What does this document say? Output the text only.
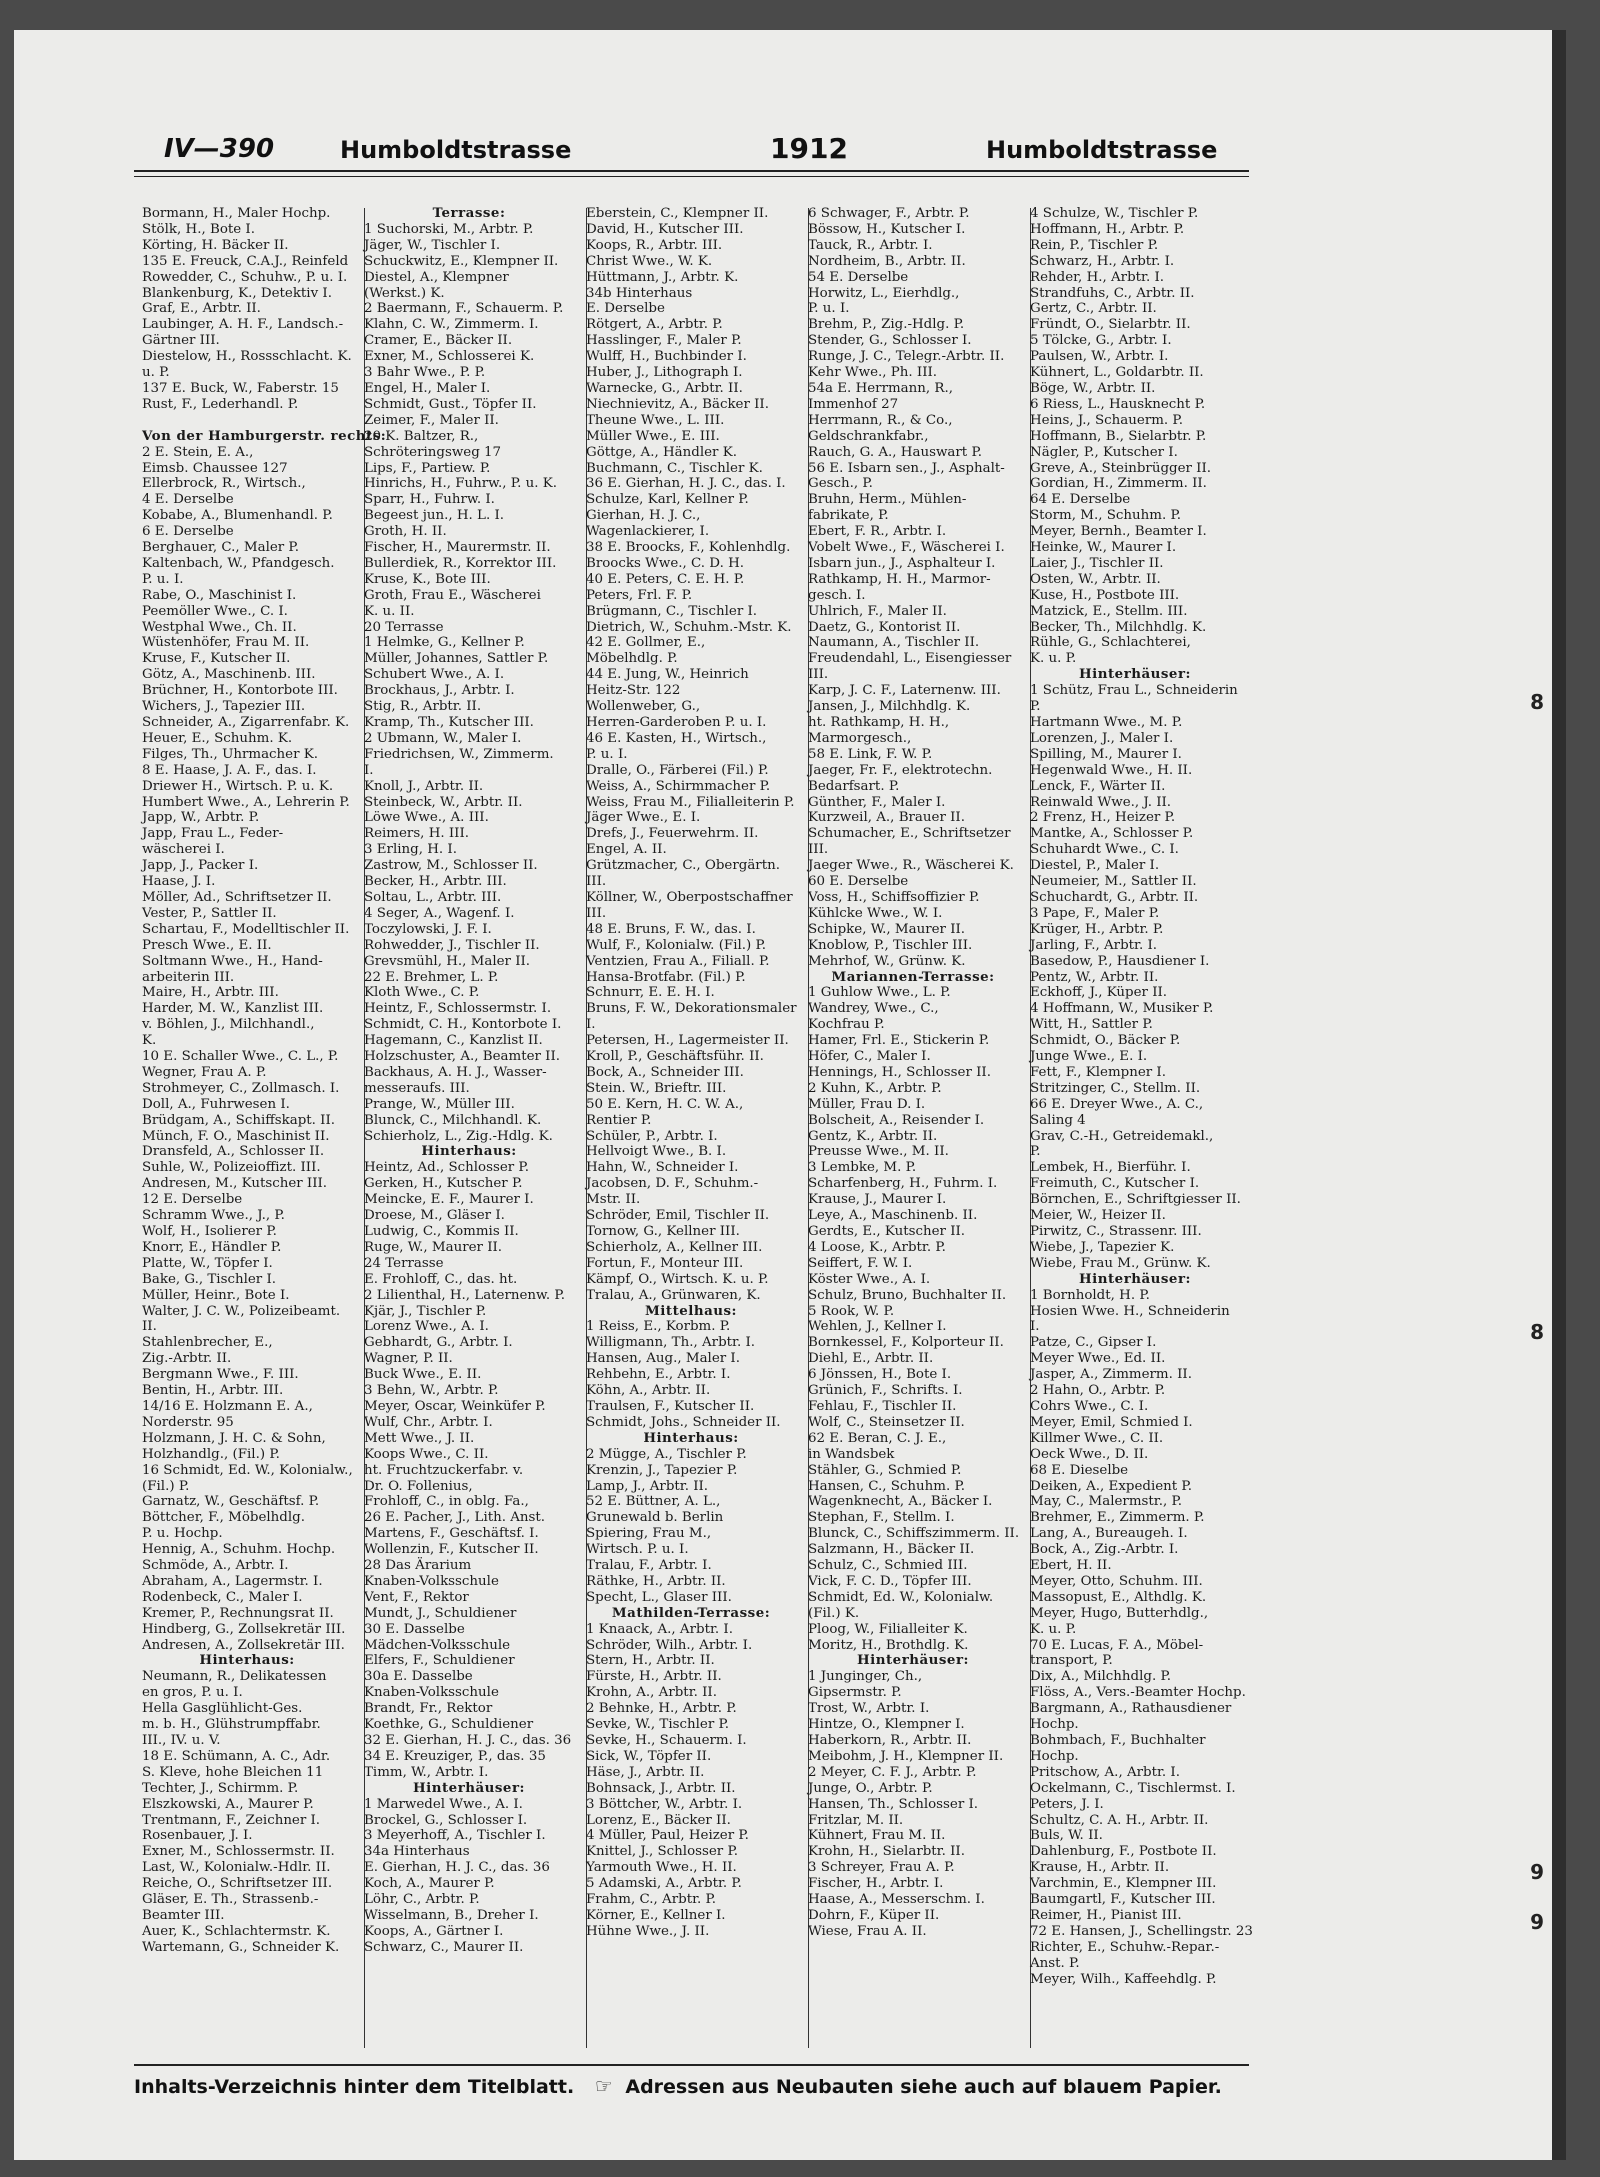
IV—390	Humboldtstrasse	1912	Humboldtstrasse
Bormann, H., Maler Hochp.
Stölk, H., Bote I.
Körting, H. Bäcker II.
135 E. Freuck, C.A.J., Reinfeld
Rowedder, C., Schuhw., P. u. I.
Blankenburg, K., Detektiv I.
Graf, E., Arbtr. II.
Laubinger, A. H. F., Landsch.-
Gärtner III.
Diestelow, H., Rossschlacht. K.
u. P.
137 E. Buck, W., Faberstr. 15
Rust, F., Lederhandl. P.

Von der Hamburgerstr. rechts:
2 E. Stein, E. A.,
Eimsb. Chaussee 127
Ellerbrock, R., Wirtsch.,
4 E. Derselbe
Kobabe, A., Blumenhandl. P.
6 E. Derselbe
Berghauer, C., Maler P.
Kaltenbach, W., Pfandgesch.
P. u. I.
Rabe, O., Maschinist I.
Peemöller Wwe., C. I.
Westphal Wwe., Ch. II.
Wüstenhöfer, Frau M. II.
Kruse, F., Kutscher II.
Götz, A., Maschinenb. III.
Brüchner, H., Kontorbote III.
Wichers, J., Tapezier III.
Schneider, A., Zigarrenfabr. K.
Heuer, E., Schuhm. K.
Filges, Th., Uhrmacher K.
8 E. Haase, J. A. F., das. I.
Driewer H., Wirtsch. P. u. K.
Humbert Wwe., A., Lehrerin P.
Japp, W., Arbtr. P.
Japp, Frau L., Feder-
wäscherei I.
Japp, J., Packer I.
Haase, J. I.
Möller, Ad., Schriftsetzer II.
Vester, P., Sattler II.
Schartau, F., Modelltischler II.
Presch Wwe., E. II.
Soltmann Wwe., H., Hand-
arbeiterin III.
Maire, H., Arbtr. III.
Harder, M. W., Kanzlist III.
v. Böhlen, J., Milchhandl.,
K.
10 E. Schaller Wwe., C. L., P.
Wegner, Frau A. P.
Strohmeyer, C., Zollmasch. I.
Doll, A., Fuhrwesen I.
Brüdgam, A., Schiffskapt. II.
Münch, F. O., Maschinist II.
Dransfeld, A., Schlosser II.
Suhle, W., Polizeioffizt. III.
Andresen, M., Kutscher III.
12 E. Derselbe
Schramm Wwe., J., P.
Wolf, H., Isolierer P.
Knorr, E., Händler P.
Platte, W., Töpfer I.
Bake, G., Tischler I.
Müller, Heinr., Bote I.
Walter, J. C. W., Polizeibeamt.
II.
Stahlenbrecher, E.,
Zig.-Arbtr. II.
Bergmann Wwe., F. III.
Bentin, H., Arbtr. III.
14/16 E. Holzmann E. A.,
Norderstr. 95
Holzmann, J. H. C. & Sohn,
Holzhandlg., (Fil.) P.
16 Schmidt, Ed. W., Kolonialw.,
(Fil.) P.
Garnatz, W., Geschäftsf. P.
Böttcher, F., Möbelhdlg.
P. u. Hochp.
Hennig, A., Schuhm. Hochp.
Schmöde, A., Arbtr. I.
Abraham, A., Lagermstr. I.
Rodenbeck, C., Maler I.
Kremer, P., Rechnungsrat II.
Hindberg, G., Zollsekretär III.
Andresen, A., Zollsekretär III.
Hinterhaus:
Neumann, R., Delikatessen
en gros, P. u. I.
Hella Gasglühlicht-Ges.
m. b. H., Glühstrumpffabr.
III., IV. u. V.
18 E. Schümann, A. C., Adr.
S. Kleve, hohe Bleichen 11
Techter, J., Schirmm. P.
Elszkowski, A., Maurer P.
Trentmann, F., Zeichner I.
Rosenbauer, J. I.
Exner, M., Schlossermstr. II.
Last, W., Kolonialw.-Hdlr. II.
Reiche, O., Schriftsetzer III.
Gläser, E. Th., Strassenb.-
Beamter III.
Auer, K., Schlachtermstr. K.
Wartemann, G., Schneider K.
Terrasse:
1 Suchorski, M., Arbtr. P.
Jäger, W., Tischler I.
Schuckwitz, E., Klempner II.
Diestel, A., Klempner
(Werkst.) K.
2 Baermann, F., Schauerm. P.
Klahn, C. W., Zimmerm. I.
Cramer, E., Bäcker II.
Exner, M., Schlosserei K.
3 Bahr Wwe., P. P.
Engel, H., Maler I.
Schmidt, Gust., Töpfer II.
Zeimer, F., Maler II.
20 K. Baltzer, R.,
Schröteringsweg 17
Lips, F., Partiew. P.
Hinrichs, H., Fuhrw., P. u. K.
Sparr, H., Fuhrw. I.
Begeest jun., H. L. I.
Groth, H. II.
Fischer, H., Maurermstr. II.
Bullerdiek, R., Korrektor III.
Kruse, K., Bote III.
Groth, Frau E., Wäscherei
K. u. II.
20 Terrasse
1 Helmke, G., Kellner P.
Müller, Johannes, Sattler P.
Schubert Wwe., A. I.
Brockhaus, J., Arbtr. I.
Stig, R., Arbtr. II.
Kramp, Th., Kutscher III.
2 Ubmann, W., Maler I.
Friedrichsen, W., Zimmerm.
I.
Knoll, J., Arbtr. II.
Steinbeck, W., Arbtr. II.
Löwe Wwe., A. III.
Reimers, H. III.
3 Erling, H. I.
Zastrow, M., Schlosser II.
Becker, H., Arbtr. III.
Soltau, L., Arbtr. III.
4 Seger, A., Wagenf. I.
Toczylowski, J. F. I.
Rohwedder, J., Tischler II.
Grevsmühl, H., Maler II.
22 E. Brehmer, L. P.
Kloth Wwe., C. P.
Heintz, F., Schlossermstr. I.
Schmidt, C. H., Kontorbote I.
Hagemann, C., Kanzlist II.
Holzschuster, A., Beamter II.
Backhaus, A. H. J., Wasser-
messeraufs. III.
Prange, W., Müller III.
Blunck, C., Milchhandl. K.
Schierholz, L., Zig.-Hdlg. K.
Hinterhaus:
Heintz, Ad., Schlosser P.
Gerken, H., Kutscher P.
Meincke, E. F., Maurer I.
Droese, M., Gläser I.
Ludwig, C., Kommis II.
Ruge, W., Maurer II.
24 Terrasse
E. Frohloff, C., das. ht.
2 Lilienthal, H., Laternenw. P.
Kjär, J., Tischler P.
Lorenz Wwe., A. I.
Gebhardt, G., Arbtr. I.
Wagner, P. II.
Buck Wwe., E. II.
3 Behn, W., Arbtr. P.
Meyer, Oscar, Weinküfer P.
Wulf, Chr., Arbtr. I.
Mett Wwe., J. II.
Koops Wwe., C. II.
ht. Fruchtzuckerfabr. v.
Dr. O. Follenius,
Frohloff, C., in oblg. Fa.,
26 E. Pacher, J., Lith. Anst.
Martens, F., Geschäftsf. I.
Wollenzin, F., Kutscher II.
28 Das Ärarium
Knaben-Volksschule
Vent, F., Rektor
Mundt, J., Schuldiener
30 E. Dasselbe
Mädchen-Volksschule
Elfers, F., Schuldiener
30a E. Dasselbe
Knaben-Volksschule
Brandt, Fr., Rektor
Koethke, G., Schuldiener
32 E. Gierhan, H. J. C., das. 36
34 E. Kreuziger, P., das. 35
Timm, W., Arbtr. I.
Hinterhäuser:
1 Marwedel Wwe., A. I.
Brockel, G., Schlosser I.
3 Meyerhoff, A., Tischler I.
34a Hinterhaus
E. Gierhan, H. J. C., das. 36
Koch, A., Maurer P.
Löhr, C., Arbtr. P.
Wisselmann, B., Dreher I.
Koops, A., Gärtner I.
Schwarz, C., Maurer II.
Eberstein, C., Klempner II.
David, H., Kutscher III.
Koops, R., Arbtr. III.
Christ Wwe., W. K.
Hüttmann, J., Arbtr. K.
34b Hinterhaus
E. Derselbe
Rötgert, A., Arbtr. P.
Hasslinger, F., Maler P.
Wulff, H., Buchbinder I.
Huber, J., Lithograph I.
Warnecke, G., Arbtr. II.
Niechnievitz, A., Bäcker II.
Theune Wwe., L. III.
Müller Wwe., E. III.
Göttge, A., Händler K.
Buchmann, C., Tischler K.
36 E. Gierhan, H. J. C., das. I.
Schulze, Karl, Kellner P.
Gierhan, H. J. C.,
Wagenlackierer, I.
38 E. Broocks, F., Kohlenhdlg.
Broocks Wwe., C. D. H.
40 E. Peters, C. E. H. P.
Peters, Frl. F. P.
Brügmann, C., Tischler I.
Dietrich, W., Schuhm.-Mstr. K.
42 E. Gollmer, E.,
Möbelhdlg. P.
44 E. Jung, W., Heinrich
Heitz-Str. 122
Wollenweber, G.,
Herren-Garderoben P. u. I.
46 E. Kasten, H., Wirtsch.,
P. u. I.
Dralle, O., Färberei (Fil.) P.
Weiss, A., Schirmmacher P.
Weiss, Frau M., Filialleiterin P.
Jäger Wwe., E. I.
Drefs, J., Feuerwehrm. II.
Engel, A. II.
Grützmacher, C., Obergärtn.
III.
Köllner, W., Oberpostschaffner
III.
48 E. Bruns, F. W., das. I.
Wulf, F., Kolonialw. (Fil.) P.
Ventzien, Frau A., Filiall. P.
Hansa-Brotfabr. (Fil.) P.
Schnurr, E. E. H. I.
Bruns, F. W., Dekorationsmaler
I.
Petersen, H., Lagermeister II.
Kroll, P., Geschäftsführ. II.
Bock, A., Schneider III.
Stein. W., Brieftr. III.
50 E. Kern, H. C. W. A.,
Rentier P.
Schüler, P., Arbtr. I.
Hellvoigt Wwe., B. I.
Hahn, W., Schneider I.
Jacobsen, D. F., Schuhm.-
Mstr. II.
Schröder, Emil, Tischler II.
Tornow, G., Kellner III.
Schierholz, A., Kellner III.
Fortun, F., Monteur III.
Kämpf, O., Wirtsch. K. u. P.
Tralau, A., Grünwaren, K.
Mittelhaus:
1 Reiss, E., Korbm. P.
Willigmann, Th., Arbtr. I.
Hansen, Aug., Maler I.
Rehbehn, E., Arbtr. I.
Köhn, A., Arbtr. II.
Traulsen, F., Kutscher II.
Schmidt, Johs., Schneider II.
Hinterhaus:
2 Mügge, A., Tischler P.
Krenzin, J., Tapezier P.
Lamp, J., Arbtr. II.
52 E. Büttner, A. L.,
Grunewald b. Berlin
Spiering, Frau M.,
Wirtsch. P. u. I.
Tralau, F., Arbtr. I.
Räthke, H., Arbtr. II.
Specht, L., Glaser III.
Mathilden-Terrasse:
1 Knaack, A., Arbtr. I.
Schröder, Wilh., Arbtr. I.
Stern, H., Arbtr. II.
Fürste, H., Arbtr. II.
Krohn, A., Arbtr. II.
2 Behnke, H., Arbtr. P.
Sevke, W., Tischler P.
Sevke, H., Schauerm. I.
Sick, W., Töpfer II.
Häse, J., Arbtr. II.
Bohnsack, J., Arbtr. II.
3 Böttcher, W., Arbtr. I.
Lorenz, E., Bäcker II.
4 Müller, Paul, Heizer P.
Knittel, J., Schlosser P.
Yarmouth Wwe., H. II.
5 Adamski, A., Arbtr. P.
Frahm, C., Arbtr. P.
Körner, E., Kellner I.
Hühne Wwe., J. II.
6 Schwager, F., Arbtr. P.
Bössow, H., Kutscher I.
Tauck, R., Arbtr. I.
Nordheim, B., Arbtr. II.
54 E. Derselbe
Horwitz, L., Eierhdlg.,
P. u. I.
Brehm, P., Zig.-Hdlg. P.
Stender, G., Schlosser I.
Runge, J. C., Telegr.-Arbtr. II.
Kehr Wwe., Ph. III.
54a E. Herrmann, R.,
Immenhof 27
Herrmann, R., & Co.,
Geldschrankfabr.,
Rauch, G. A., Hauswart P.
56 E. Isbarn sen., J., Asphalt-
Gesch., P.
Bruhn, Herm., Mühlen-
fabrikate, P.
Ebert, F. R., Arbtr. I.
Vobelt Wwe., F., Wäscherei I.
Isbarn jun., J., Asphalteur I.
Rathkamp, H. H., Marmor-
gesch. I.
Uhlrich, F., Maler II.
Daetz, G., Kontorist II.
Naumann, A., Tischler II.
Freudendahl, L., Eisengiesser
III.
Karp, J. C. F., Laternenw. III.
Jansen, J., Milchhdlg. K.
ht. Rathkamp, H. H.,
Marmorgesch.,
58 E. Link, F. W. P.
Jaeger, Fr. F., elektrotechn.
Bedarfsart. P.
Günther, F., Maler I.
Kurzweil, A., Brauer II.
Schumacher, E., Schriftsetzer
III.
Jaeger Wwe., R., Wäscherei K.
60 E. Derselbe
Voss, H., Schiffsoffizier P.
Kühlcke Wwe., W. I.
Schipke, W., Maurer II.
Knoblow, P., Tischler III.
Mehrhof, W., Grünw. K.
Mariannen-Terrasse:
1 Guhlow Wwe., L. P.
Wandrey, Wwe., C.,
Kochfrau P.
Hamer, Frl. E., Stickerin P.
Höfer, C., Maler I.
Hennings, H., Schlosser II.
2 Kuhn, K., Arbtr. P.
Müller, Frau D. I.
Bolscheit, A., Reisender I.
Gentz, K., Arbtr. II.
Preusse Wwe., M. II.
3 Lembke, M. P.
Scharfenberg, H., Fuhrm. I.
Krause, J., Maurer I.
Leye, A., Maschinenb. II.
Gerdts, E., Kutscher II.
4 Loose, K., Arbtr. P.
Seiffert, F. W. I.
Köster Wwe., A. I.
Schulz, Bruno, Buchhalter II.
5 Rook, W. P.
Wehlen, J., Kellner I.
Bornkessel, F., Kolporteur II.
Diehl, E., Arbtr. II.
6 Jönssen, H., Bote I.
Grünich, F., Schrifts. I.
Fehlau, F., Tischler II.
Wolf, C., Steinsetzer II.
62 E. Beran, C. J. E.,
in Wandsbek
Stähler, G., Schmied P.
Hansen, C., Schuhm. P.
Wagenknecht, A., Bäcker I.
Stephan, F., Stellm. I.
Blunck, C., Schiffszimmerm. II.
Salzmann, H., Bäcker II.
Schulz, C., Schmied III.
Vick, F. C. D., Töpfer III.
Schmidt, Ed. W., Kolonialw.
(Fil.) K.
Ploog, W., Filialleiter K.
Moritz, H., Brothdlg. K.
Hinterhäuser:
1 Junginger, Ch.,
Gipsermstr. P.
Trost, W., Arbtr. I.
Hintze, O., Klempner I.
Haberkorn, R., Arbtr. II.
Meibohm, J. H., Klempner II.
2 Meyer, C. F. J., Arbtr. P.
Junge, O., Arbtr. P.
Hansen, Th., Schlosser I.
Fritzlar, M. II.
Kühnert, Frau M. II.
Krohn, H., Sielarbtr. II.
3 Schreyer, Frau A. P.
Fischer, H., Arbtr. I.
Haase, A., Messerschm. I.
Dohrn, F., Küper II.
Wiese, Frau A. II.
4 Schulze, W., Tischler P.
Hoffmann, H., Arbtr. P.
Rein, P., Tischler P.
Schwarz, H., Arbtr. I.
Rehder, H., Arbtr. I.
Strandfuhs, C., Arbtr. II.
Gertz, C., Arbtr. II.
Fründt, O., Sielarbtr. II.
5 Tölcke, G., Arbtr. I.
Paulsen, W., Arbtr. I.
Kühnert, L., Goldarbtr. II.
Böge, W., Arbtr. II.
6 Riess, L., Hausknecht P.
Heins, J., Schauerm. P.
Hoffmann, B., Sielarbtr. P.
Nägler, P., Kutscher I.
Greve, A., Steinbrügger II.
Gordian, H., Zimmerm. II.
64 E. Derselbe
Storm, M., Schuhm. P.
Meyer, Bernh., Beamter I.
Heinke, W., Maurer I.
Laier, J., Tischler II.
Osten, W., Arbtr. II.
Kuse, H., Postbote III.
Matzick, E., Stellm. III.
Becker, Th., Milchhdlg. K.
Rühle, G., Schlachterei,
K. u. P.
Hinterhäuser:
1 Schütz, Frau L., Schneiderin
P.
Hartmann Wwe., M. P.
Lorenzen, J., Maler I.
Spilling, M., Maurer I.
Hegenwald Wwe., H. II.
Lenck, F., Wärter II.
Reinwald Wwe., J. II.
2 Frenz, H., Heizer P.
Mantke, A., Schlosser P.
Schuhardt Wwe., C. I.
Diestel, P., Maler I.
Neumeier, M., Sattler II.
Schuchardt, G., Arbtr. II.
3 Pape, F., Maler P.
Krüger, H., Arbtr. P.
Jarling, F., Arbtr. I.
Basedow, P., Hausdiener I.
Pentz, W., Arbtr. II.
Eckhoff, J., Küper II.
4 Hoffmann, W., Musiker P.
Witt, H., Sattler P.
Schmidt, O., Bäcker P.
Junge Wwe., E. I.
Fett, F., Klempner I.
Stritzinger, C., Stellm. II.
66 E. Dreyer Wwe., A. C.,
Saling 4
Grav, C.-H., Getreidemakl.,
P.
Lembek, H., Bierführ. I.
Freimuth, C., Kutscher I.
Börnchen, E., Schriftgiesser II.
Meier, W., Heizer II.
Pirwitz, C., Strassenr. III.
Wiebe, J., Tapezier K.
Wiebe, Frau M., Grünw. K.
Hinterhäuser:
1 Bornholdt, H. P.
Hosien Wwe. H., Schneiderin
I.
Patze, C., Gipser I.
Meyer Wwe., Ed. II.
Jasper, A., Zimmerm. II.
2 Hahn, O., Arbtr. P.
Cohrs Wwe., C. I.
Meyer, Emil, Schmied I.
Killmer Wwe., C. II.
Oeck Wwe., D. II.
68 E. Dieselbe
Deiken, A., Expedient P.
May, C., Malermstr., P.
Brehmer, E., Zimmerm. P.
Lang, A., Bureaugeh. I.
Bock, A., Zig.-Arbtr. I.
Ebert, H. II.
Meyer, Otto, Schuhm. III.
Massopust, E., Althdlg. K.
Meyer, Hugo, Butterhdlg.,
K. u. P.
70 E. Lucas, F. A., Möbel-
transport, P.
Dix, A., Milchhdlg. P.
Flöss, A., Vers.-Beamter Hochp.
Bargmann, A., Rathausdiener
Hochp.
Bohmbach, F., Buchhalter
Hochp.
Pritschow, A., Arbtr. I.
Ockelmann, C., Tischlermst. I.
Peters, J. I.
Schultz, C. A. H., Arbtr. II.
Buls, W. II.
Dahlenburg, F., Postbote II.
Krause, H., Arbtr. II.
Varchmin, E., Klempner III.
Baumgartl, F., Kutscher III.
Reimer, H., Pianist III.
72 E. Hansen, J., Schellingstr. 23
Richter, E., Schuhw.-Repar.-
Anst. P.
Meyer, Wilh., Kaffeehdlg. P.
Inhalts-Verzeichnis hinter dem Titelblatt. ☞ Adressen aus Neubauten siehe auch auf blauem Papier.
8
8
9
9
